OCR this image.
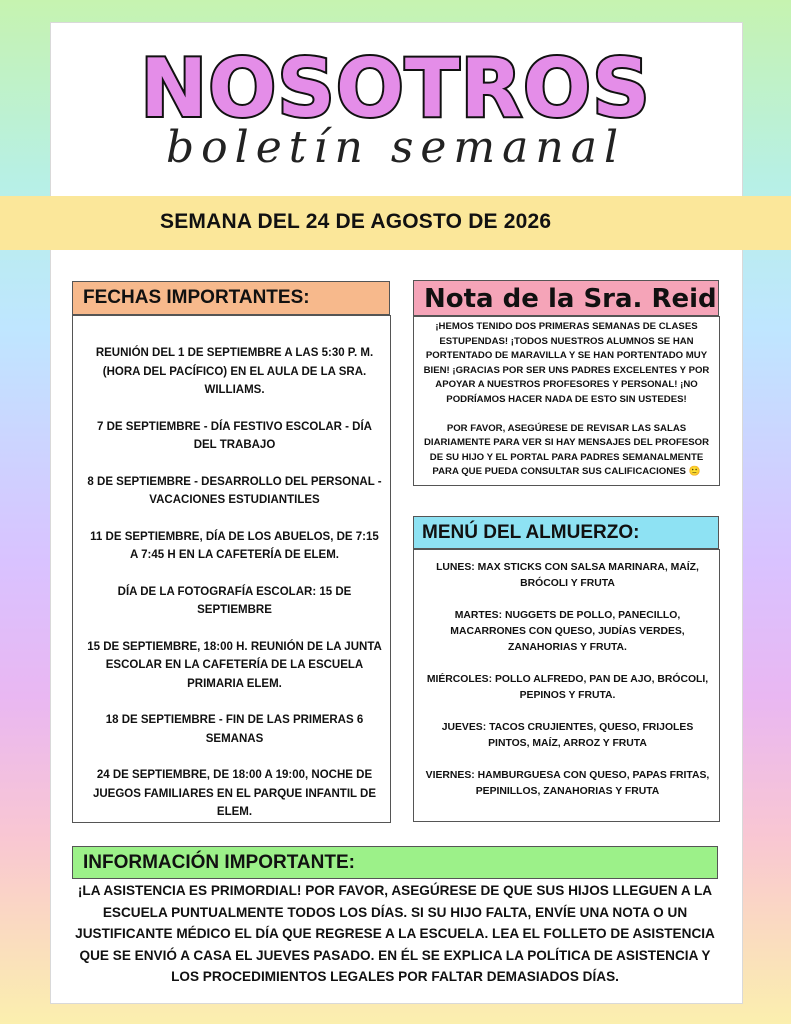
NOSOTROS
boletín semanal
SEMANA DEL 24 DE AGOSTO DE 2026
REUNIÓN DEL 1 DE SEPTIEMBRE A LAS 5:30 P. M. (HORA DEL PACÍFICO) EN EL AULA DE LA SRA. WILLIAMS.
7 DE SEPTIEMBRE - DÍA FESTIVO ESCOLAR - DÍA DEL TRABAJO
8 DE SEPTIEMBRE - DESARROLLO DEL PERSONAL - VACACIONES ESTUDIANTILES
11 DE SEPTIEMBRE, DÍA DE LOS ABUELOS, DE 7:15 A 7:45 H EN LA CAFETERÍA DE ELEM.
DÍA DE LA FOTOGRAFÍA ESCOLAR: 15 DE SEPTIEMBRE
15 DE SEPTIEMBRE, 18:00 H. REUNIÓN DE LA JUNTA ESCOLAR EN LA CAFETERÍA DE LA ESCUELA PRIMARIA ELEM.
18 DE SEPTIEMBRE - FIN DE LAS PRIMERAS 6 SEMANAS
24 DE SEPTIEMBRE, DE 18:00 A 19:00, NOCHE DE JUEGOS FAMILIARES EN EL PARQUE INFANTIL DE ELEM.
FECHAS IMPORTANTES:

¡HEMOS TENIDO DOS PRIMERAS SEMANAS DE CLASES ESTUPENDAS! ¡TODOS NUESTROS ALUMNOS SE HAN PORTENTADO DE MARAVILLA Y SE HAN PORTENTADO MUY BIEN! ¡GRACIAS POR SER UNS PADRES EXCELENTES Y POR APOYAR A NUESTROS PROFESORES Y PERSONAL! ¡NO PODRÍAMOS HACER NADA DE ESTO SIN USTEDES!

POR FAVOR, ASEGÚRESE DE REVISAR LAS SALAS DIARIAMENTE PARA VER SI HAY MENSAJES DEL PROFESOR DE SU HIJO Y EL PORTAL PARA PADRES SEMANALMENTE PARA QUE PUEDA CONSULTAR SUS CALIFICACIONES 🙂

Nota de la Sra. Reid
LUNES: MAX STICKS CON SALSA MARINARA, MAÍZ, BRÓCOLI Y FRUTA
MARTES: NUGGETS DE POLLO, PANECILLO, MACARRONES CON QUESO, JUDÍAS VERDES, ZANAHORIAS Y FRUTA.
MIÉRCOLES: POLLO ALFREDO, PAN DE AJO, BRÓCOLI, PEPINOS Y FRUTA.
JUEVES: TACOS CRUJIENTES, QUESO, FRIJOLES PINTOS, MAÍZ, ARROZ Y FRUTA
VIERNES: HAMBURGUESA CON QUESO, PAPAS FRITAS, PEPINILLOS, ZANAHORIAS Y FRUTA
MENÚ DEL ALMUERZO:
INFORMACIÓN IMPORTANTE:
¡LA ASISTENCIA ES PRIMORDIAL! POR FAVOR, ASEGÚRESE DE QUE SUS HIJOS LLEGUEN A LA ESCUELA PUNTUALMENTE TODOS LOS DÍAS. SI SU HIJO FALTA, ENVÍE UNA NOTA O UN JUSTIFICANTE MÉDICO EL DÍA QUE REGRESE A LA ESCUELA. LEA EL FOLLETO DE ASISTENCIA QUE SE ENVIÓ A CASA EL JUEVES PASADO. EN ÉL SE EXPLICA LA POLÍTICA DE ASISTENCIA Y LOS PROCEDIMIENTOS LEGALES POR FALTAR DEMASIADOS DÍAS.
